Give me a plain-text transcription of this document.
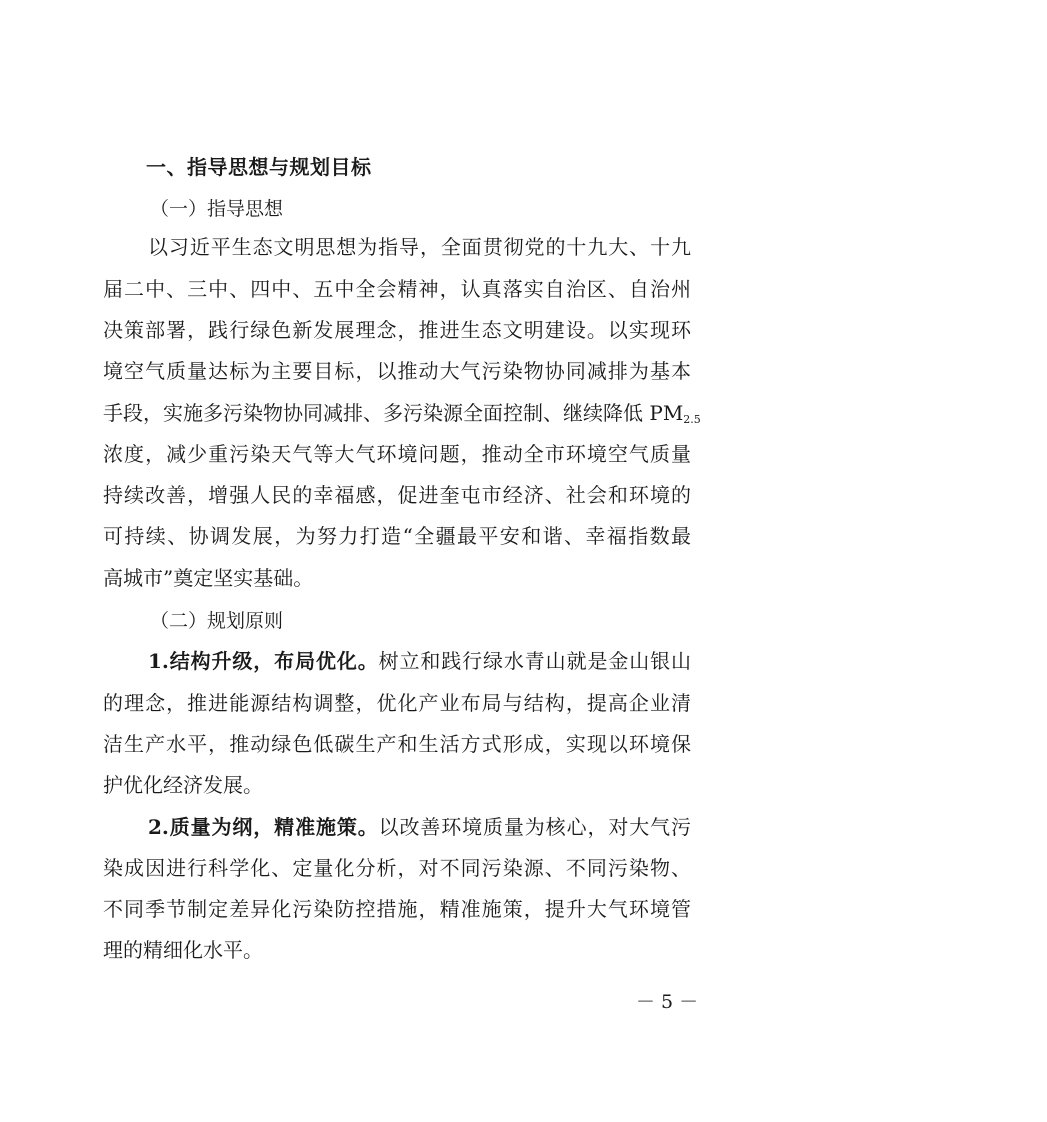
一、指导思想与规划目标
（一）指导思想
以习近平生态文明思想为指导，全面贯彻党的十九大、十九
届二中、三中、四中、五中全会精神，认真落实自治区、自治州
决策部署，践行绿色新发展理念，推进生态文明建设。以实现环
境空气质量达标为主要目标，以推动大气污染物协同减排为基本
手段，实施多污染物协同减排、多污染源全面控制、继续降低 $PM_{2.5}$
浓度，减少重污染天气等大气环境问题，推动全市环境空气质量
持续改善，增强人民的幸福感，促进奎屯市经济、社会和环境的
可持续、协调发展，为努力打造“全疆最平安和谐、幸福指数最
高城市”奠定坚实基础。
（二）规划原则
1.结构升级，布局优化。树立和践行绿水青山就是金山银山
的理念，推进能源结构调整，优化产业布局与结构，提高企业清
洁生产水平，推动绿色低碳生产和生活方式形成，实现以环境保
护优化经济发展。
2.质量为纲，精准施策。以改善环境质量为核心，对大气污
染成因进行科学化、定量化分析，对不同污染源、不同污染物、
不同季节制定差异化污染防控措施，精准施策，提升大气环境管
理的精细化水平。
－ 5 －
